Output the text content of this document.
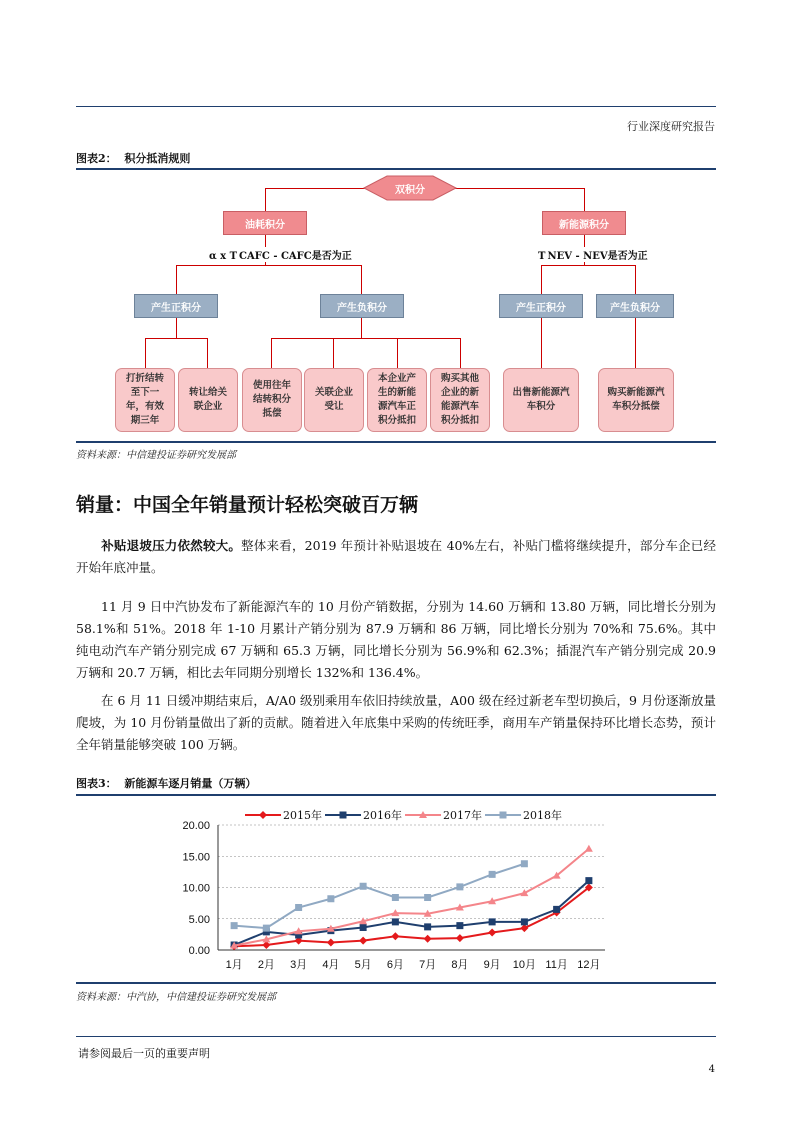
行业深度研究报告
图表2： 积分抵消规则
双积分
油耗积分	新能源积分
α x T CAFC - CAFC是否为正	T NEV - NEV是否为正
产生正积分	产生负积分	产生正积分	产生负积分
打折结转至下一年，有效期三年
转让给关联企业
使用往年结转积分抵偿
关联企业受让
本企业产生的新能源汽车正积分抵扣
购买其他企业的新能源汽车积分抵扣
出售新能源汽车积分
购买新能源汽车积分抵偿
资料来源：中信建投证券研究发展部
销量：中国全年销量预计轻松突破百万辆
补贴退坡压力依然较大。整体来看，2019 年预计补贴退坡在 40%左右，补贴门槛将继续提升，部分车企已经开始年底冲量。
11 月 9 日中汽协发布了新能源汽车的 10 月份产销数据，分别为 14.60 万辆和 13.80 万辆，同比增长分别为 58.1%和 51%。2018 年 1-10 月累计产销分别为 87.9 万辆和 86 万辆，同比增长分别为 70%和 75.6%。其中纯电动汽车产销分别完成 67 万辆和 65.3 万辆，同比增长分别为 56.9%和 62.3%；插混汽车产销分别完成 20.9 万辆和 20.7 万辆，相比去年同期分别增长 132%和 136.4%。
在 6 月 11 日缓冲期结束后，A/A0 级别乘用车依旧持续放量，A00 级在经过新老车型切换后，9 月份逐渐放量爬坡，为 10 月份销量做出了新的贡献。随着进入年底集中采购的传统旺季，商用车产销量保持环比增长态势，预计全年销量能够突破 100 万辆。
图表3： 新能源车逐月销量（万辆）
0.00
5.00
10.00
15.00
20.00
1月 2月 3月 4月 5月 6月 7月 8月 9月 10月 11月 12月
2015年	2016年	2017年	2018年
资料来源：中汽协，中信建投证券研究发展部
请参阅最后一页的重要声明
4
